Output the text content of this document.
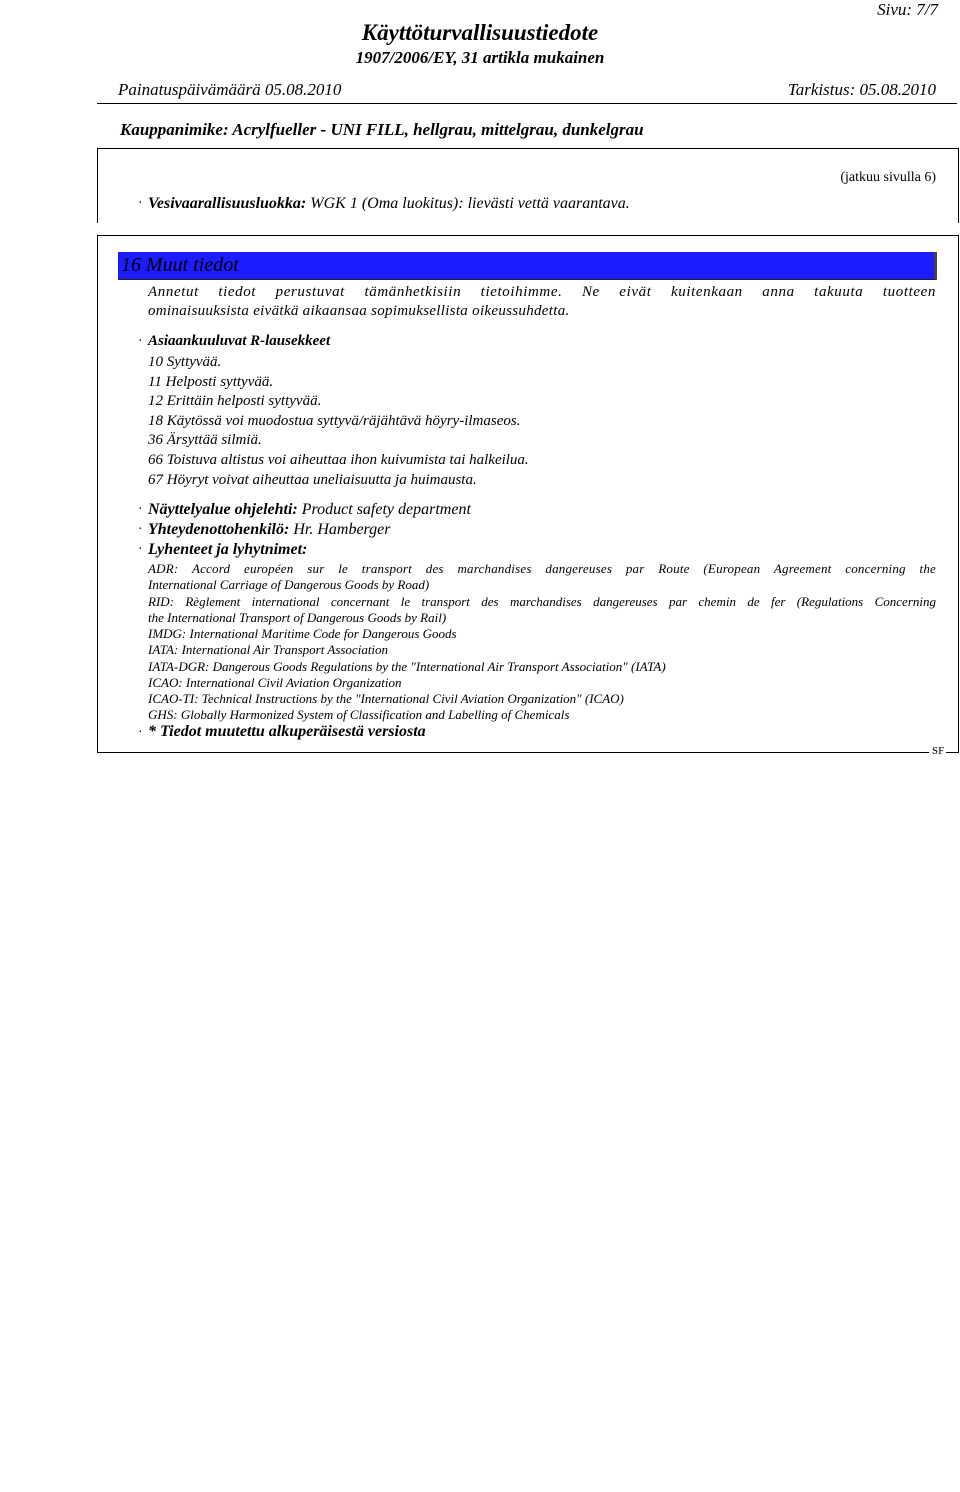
Sivu: 7/7
Käyttöturvallisuustiedote
1907/2006/EY, 31 artikla mukainen
Painatuspäivämäärä 05.08.2010	Tarkistus: 05.08.2010
Kauppanimike: Acrylfueller - UNI FILL, hellgrau, mittelgrau, dunkelgrau
(jatkuu sivulla 6)
· Vesivaarallisuusluokka: WGK 1 (Oma luokitus): lievästi vettä vaarantava.
16 Muut tiedot
Annetut tiedot perustuvat tämänhetkisiin tietoihimme. Ne eivät kuitenkaan anna takuuta tuotteen
ominaisuuksista eivätkä aikaansaa sopimuksellista oikeussuhdetta.
· Asiaankuuluvat R-lausekkeet
10 Syttyvää.
11 Helposti syttyvää.
12 Erittäin helposti syttyvää.
18 Käytössä voi muodostua syttyvä/räjähtävä höyry-ilmaseos.
36 Ärsyttää silmiä.
66 Toistuva altistus voi aiheuttaa ihon kuivumista tai halkeilua.
67 Höyryt voivat aiheuttaa uneliaisuutta ja huimausta.
· Näyttelyalue ohjelehti: Product safety department
· Yhteydenottohenkilö: Hr. Hamberger
· Lyhenteet ja lyhytnimet:
ADR: Accord européen sur le transport des marchandises dangereuses par Route (European Agreement concerning the
International Carriage of Dangerous Goods by Road)
RID: Règlement international concernant le transport des marchandises dangereuses par chemin de fer (Regulations Concerning
the International Transport of Dangerous Goods by Rail)
IMDG: International Maritime Code for Dangerous Goods
IATA: International Air Transport Association
IATA-DGR: Dangerous Goods Regulations by the "International Air Transport Association" (IATA)
ICAO: International Civil Aviation Organization
ICAO-TI: Technical Instructions by the "International Civil Aviation Organization" (ICAO)
GHS: Globally Harmonized System of Classification and Labelling of Chemicals
· * Tiedot muutettu alkuperäisestä versiosta
SF
